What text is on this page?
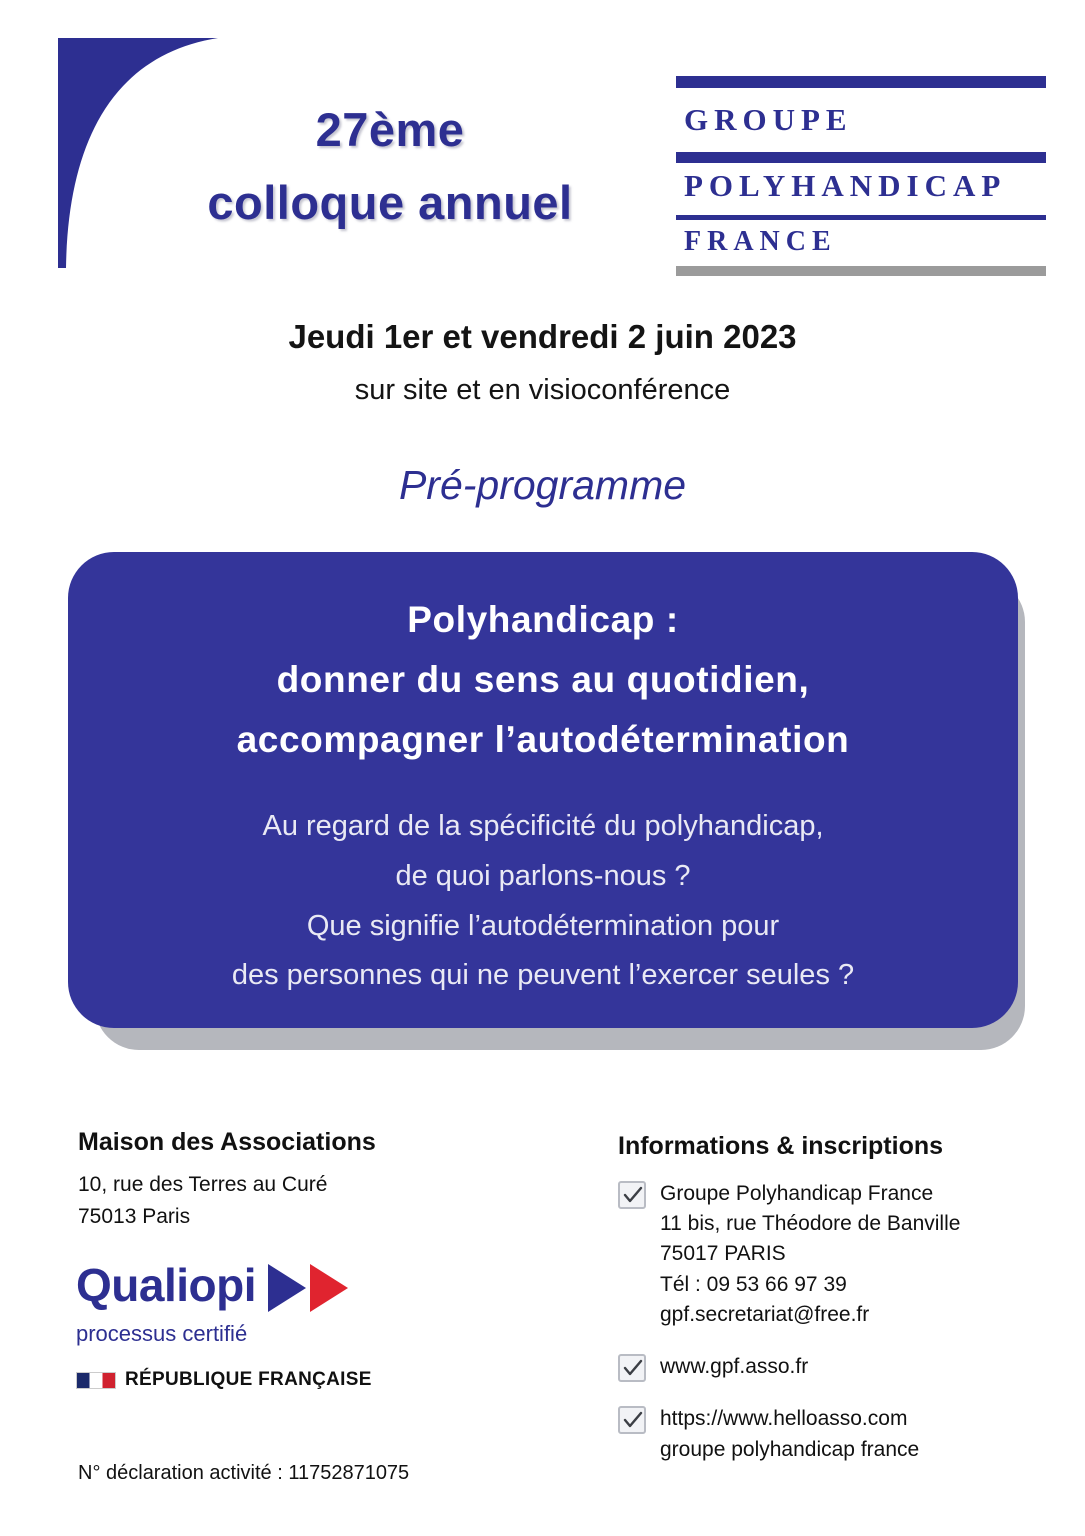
27ème
colloque annuel
GROUPE
POLYHANDICAP
FRANCE
Jeudi 1er et vendredi 2 juin 2023
sur site et en visioconférence
Pré-programme
Polyhandicap :
donner du sens au quotidien,
accompagner l’autodétermination
Au regard de la spécificité du polyhandicap,
de quoi parlons-nous ?
Que signifie l’autodétermination pour
des personnes qui ne peuvent l’exercer seules ?
Maison des Associations
10, rue des Terres au Curé
75013 Paris
Qualiopi
processus certifié
RÉPUBLIQUE FRANÇAISE
N° déclaration activité : 11752871075
Informations & inscriptions
Groupe Polyhandicap France
11 bis, rue Théodore de Banville
75017 PARIS
Tél : 09 53 66 97 39
gpf.secretariat@free.fr
www.gpf.asso.fr
https://www.helloasso.com
groupe polyhandicap france
